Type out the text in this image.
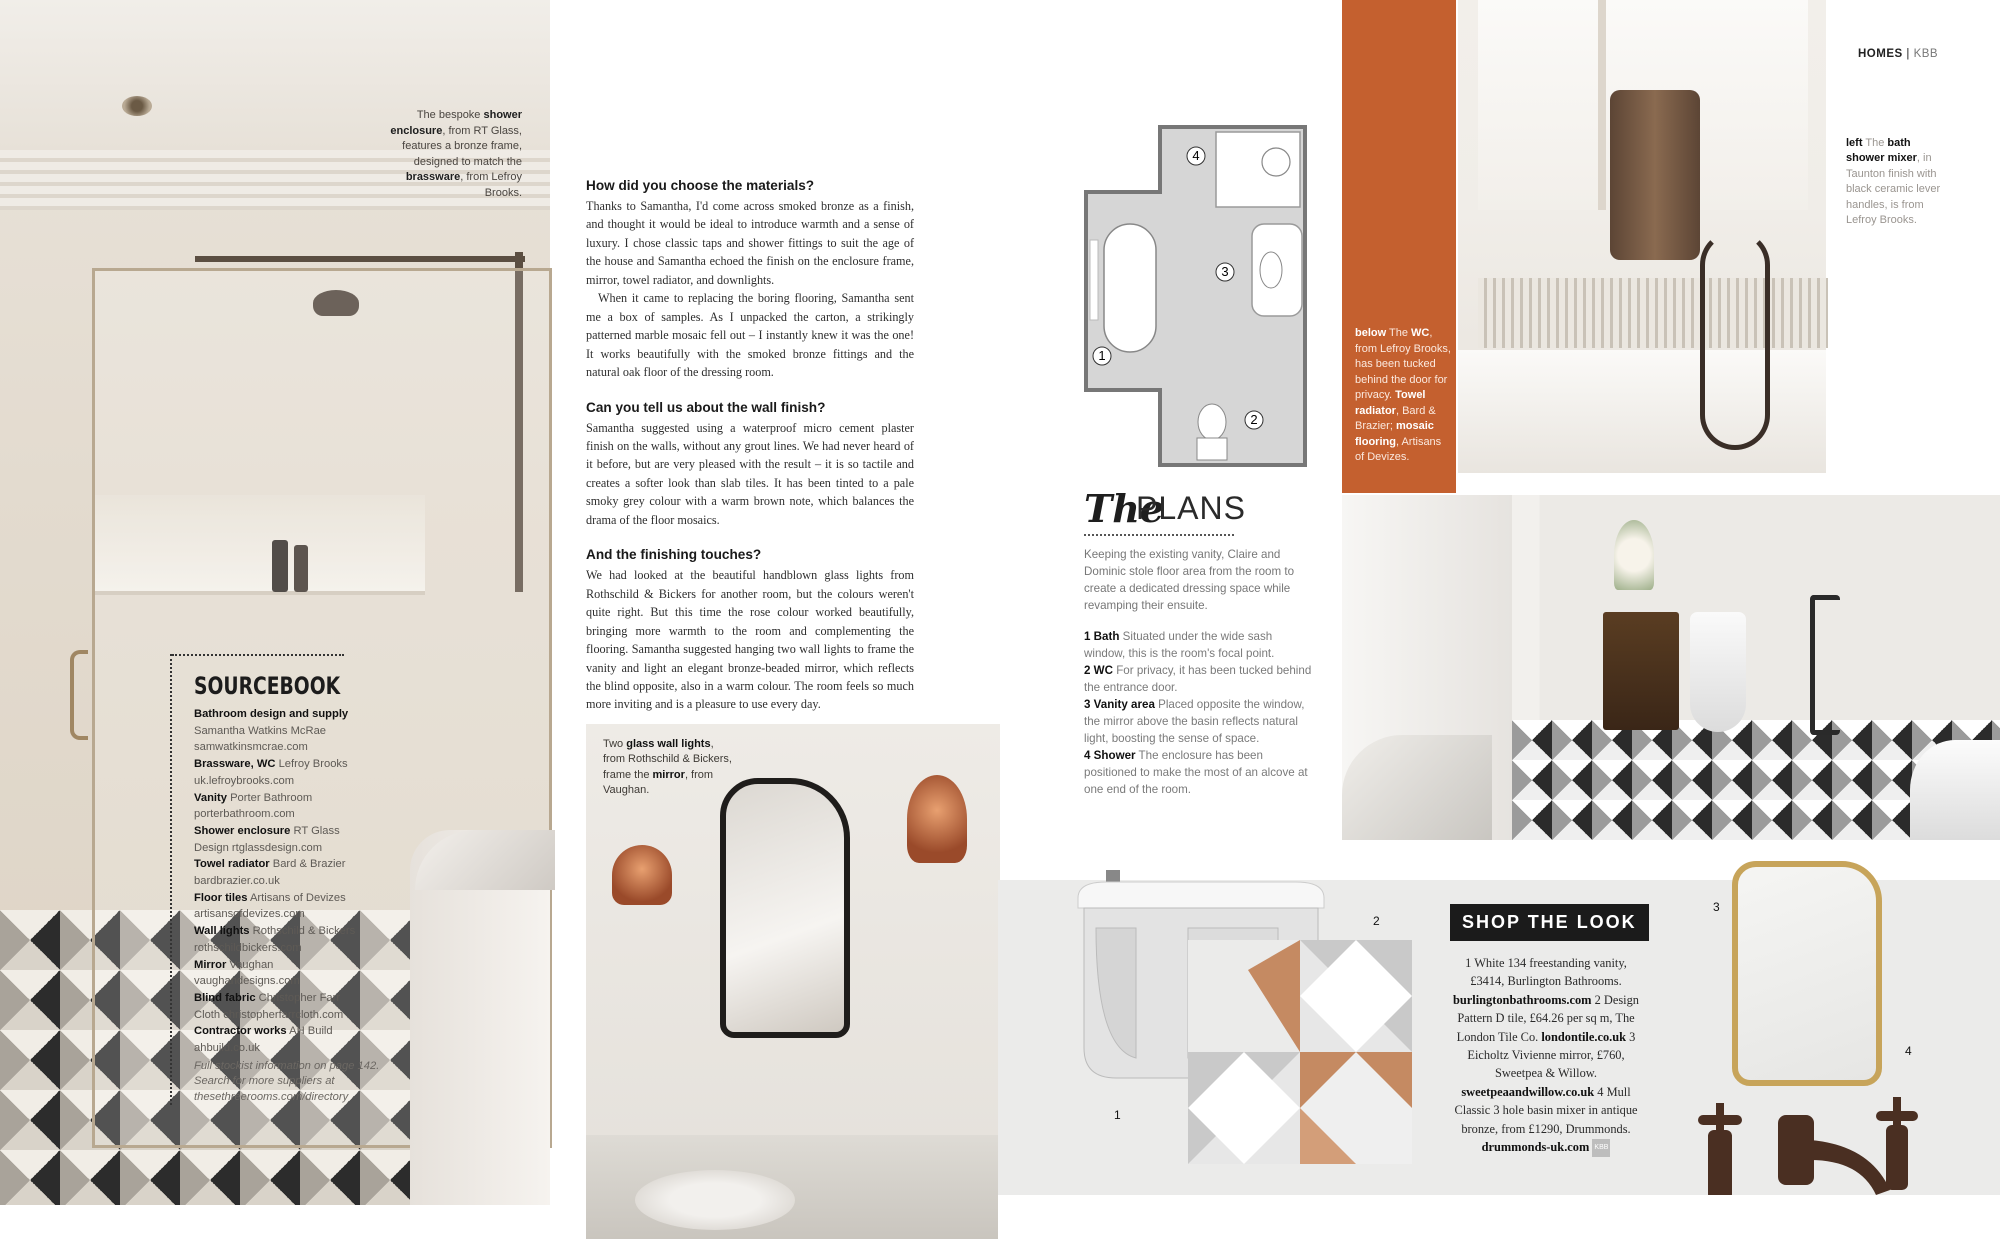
The bespoke shower enclosure, from RT Glass, features a bronze frame, designed to match the brassware, from Lefroy Brooks.
SOURCEBOOK
Bathroom design and supply
Samantha Watkins McRae
samwatkinsmcrae.com
Brassware, WC Lefroy Brooks
uk.lefroybrooks.com
Vanity Porter Bathroom
porterbathroom.com
Shower enclosure RT Glass
Design rtglassdesign.com
Towel radiator Bard & Brazier
bardbrazier.co.uk
Floor tiles Artisans of Devizes
artisansofdevizes.com
Wall lights Rothschild & Bickers
rothschildbickers.com
Mirror Vaughan
vaughandesigns.com
Blind fabric Christopher Farr
Cloth christopherfarrcloth.com
Contractor works AH Build
ahbuild.co.uk
Full stockist information on page 142. Search for more suppliers at thesethreerooms.com/directory
How did you choose the materials?
Thanks to Samantha, I'd come across smoked bronze as a finish, and thought it would be ideal to introduce warmth and a sense of luxury. I chose classic taps and shower fittings to suit the age of the house and Samantha echoed the finish on the enclosure frame, mirror, towel radiator, and downlights.
When it came to replacing the boring flooring, Samantha sent me a box of samples. As I unpacked the carton, a strikingly patterned marble mosaic fell out – I instantly knew it was the one! It works beautifully with the smoked bronze fittings and the natural oak floor of the dressing room.
Can you tell us about the wall finish?
Samantha suggested using a waterproof micro cement plaster finish on the walls, without any grout lines. We had never heard of it before, but are very pleased with the result – it is so tactile and creates a softer look than slab tiles. It has been tinted to a pale smoky grey colour with a warm brown note, which balances the drama of the floor mosaics.
And the finishing touches?
We had looked at the beautiful handblown glass lights from Rothschild & Bickers for another room, but the colours weren't quite right. But this time the rose colour worked beautifully, bringing more warmth to the room and complementing the flooring. Samantha suggested hanging two wall lights to frame the vanity and light an elegant bronze-beaded mirror, which reflects the blind opposite, also in a warm colour. The room feels so much more inviting and is a pleasure to use every day.
Two glass wall lights, from Rothschild & Bickers, frame the mirror, from Vaughan.
1
2
3
4
The
PLANS
Keeping the existing vanity, Claire and Dominic stole floor area from the room to create a dedicated dressing space while revamping their ensuite.
1 Bath Situated under the wide sash window, this is the room's focal point.
2 WC For privacy, it has been tucked behind the entrance door.
3 Vanity area Placed opposite the window, the mirror above the basin reflects natural light, boosting the sense of space.
4 Shower The enclosure has been positioned to make the most of an alcove at one end of the room.
below The WC, from Lefroy Brooks, has been tucked behind the door for privacy. Towel radiator, Bard & Brazier; mosaic flooring, Artisans of Devizes.
HOMES | KBB
left The bath shower mixer, in Taunton finish with black ceramic lever handles, is from Lefroy Brooks.
1
2
3
4
SHOP THE LOOK
1 White 134 freestanding vanity, £3414, Burlington Bathrooms. burlingtonbathrooms.com 2 Design Pattern D tile, £64.26 per sq m, The London Tile Co. londontile.co.uk 3 Eicholtz Vivienne mirror, £760, Sweetpea & Willow. sweetpeaandwillow.co.uk 4 Mull Classic 3 hole basin mixer in antique bronze, from £1290, Drummonds. drummonds-uk.com KBB
